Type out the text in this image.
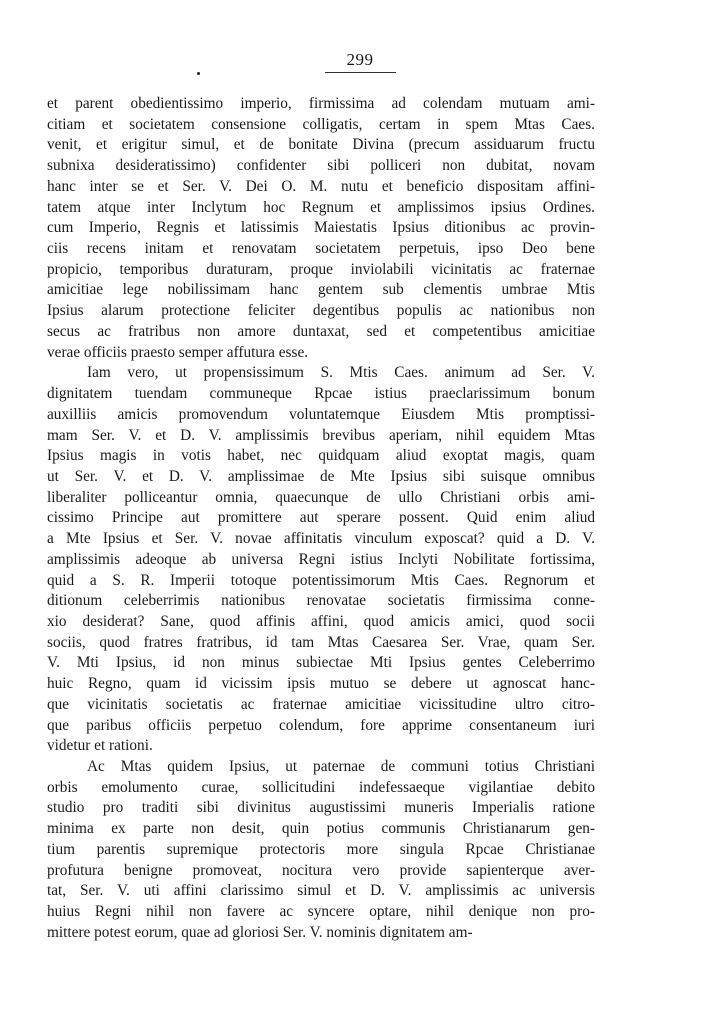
299
et parent obedientissimo imperio, firmissima ad colendam mutuam ami-
citiam et societatem consensione colligatis, certam in spem Mtas Caes.
venit, et erigitur simul, et de bonitate Divina (precum assiduarum fructu
subnixa desideratissimo) confidenter sibi polliceri non dubitat, novam
hanc inter se et Ser. V. Dei O. M. nutu et beneficio dispositam affini-
tatem atque inter Inclytum hoc Regnum et amplissimos ipsius Ordines.
cum Imperio, Regnis et latissimis Maiestatis Ipsius ditionibus ac provin-
ciis recens initam et renovatam societatem perpetuis, ipso Deo bene
propicio, temporibus duraturam, proque inviolabili vicinitatis ac fraternae
amicitiae lege nobilissimam hanc gentem sub clementis umbrae Mtis
Ipsius alarum protectione feliciter degentibus populis ac nationibus non
secus ac fratribus non amore duntaxat, sed et competentibus amicitiae
verae officiis praesto semper affutura esse.
Iam vero, ut propensissimum S. Mtis Caes. animum ad Ser. V.
dignitatem tuendam communeque Rpcae istius praeclarissimum bonum
auxilliis amicis promovendum voluntatemque Eiusdem Mtis promptissi-
mam Ser. V. et D. V. amplissimis brevibus aperiam, nihil equidem Mtas
Ipsius magis in votis habet, nec quidquam aliud exoptat magis, quam
ut Ser. V. et D. V. amplissimae de Mte Ipsius sibi suisque omnibus
liberaliter polliceantur omnia, quaecunque de ullo Christiani orbis ami-
cissimo Principe aut promittere aut sperare possent. Quid enim aliud
a Mte Ipsius et Ser. V. novae affinitatis vinculum exposcat? quid a D. V.
amplissimis adeoque ab universa Regni istius Inclyti Nobilitate fortissima,
quid a S. R. Imperii totoque potentissimorum Mtis Caes. Regnorum et
ditionum celeberrimis nationibus renovatae societatis firmissima conne-
xio desiderat? Sane, quod affinis affini, quod amicis amici, quod socii
sociis, quod fratres fratribus, id tam Mtas Caesarea Ser. Vrae, quam Ser.
V. Mti Ipsius, id non minus subiectae Mti Ipsius gentes Celeberrimo
huic Regno, quam id vicissim ipsis mutuo se debere ut agnoscat hanc-
que vicinitatis societatis ac fraternae amicitiae vicissitudine ultro citro-
que paribus officiis perpetuo colendum, fore apprime consentaneum iuri
videtur et rationi.
Ac Mtas quidem Ipsius, ut paternae de communi totius Christiani
orbis emolumento curae, sollicitudini indefessaeque vigilantiae debito
studio pro traditi sibi divinitus augustissimi muneris Imperialis ratione
minima ex parte non desit, quin potius communis Christianarum gen-
tium parentis supremique protectoris more singula Rpcae Christianae
profutura benigne promoveat, nocitura vero provide sapienterque aver-
tat, Ser. V. uti affini clarissimo simul et D. V. amplissimis ac universis
huius Regni nihil non favere ac syncere optare, nihil denique non pro-
mittere potest eorum, quae ad gloriosi Ser. V. nominis dignitatem am-
